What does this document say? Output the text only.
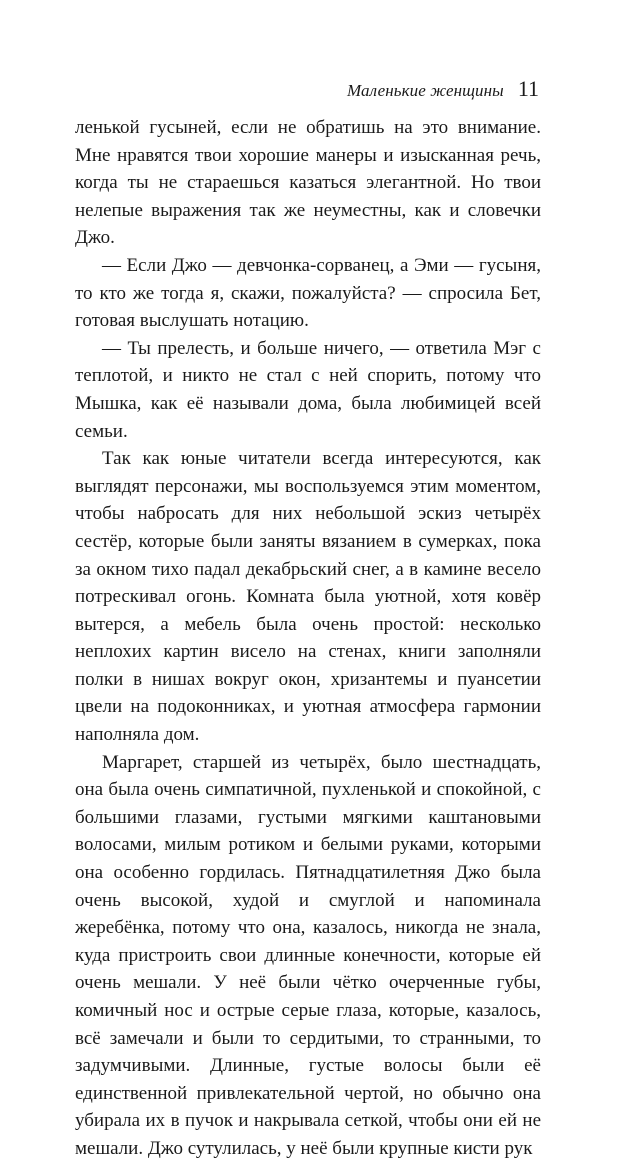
Маленькие женщины 11

ленькой гусыней, если не обратишь на это внимание. Мне нравятся твои хорошие манеры и изысканная речь, когда ты не стараешься казаться элегантной. Но твои нелепые выражения так же неуместны, как и словечки Джо.

— Если Джо — девчонка-сорванец, а Эми — гусыня, то кто же тогда я, скажи, пожалуйста? — спросила Бет, готовая выслушать нотацию.

— Ты прелесть, и больше ничего, — ответила Мэг с теплотой, и никто не стал с ней спорить, потому что Мышка, как её называли дома, была любимицей всей семьи.

Так как юные читатели всегда интересуются, как выглядят персонажи, мы воспользуемся этим моментом, чтобы набросать для них небольшой эскиз четырёх сестёр, которые были заняты вязанием в сумерках, пока за окном тихо падал декабрьский снег, а в камине весело потрескивал огонь. Комната была уютной, хотя ковёр вытерся, а мебель была очень простой: несколько неплохих картин висело на стенах, книги заполняли полки в нишах вокруг окон, хризантемы и пуансетии цвели на подоконниках, и уютная атмосфера гармонии наполняла дом.

Маргарет, старшей из четырёх, было шестнадцать, она была очень симпатичной, пухленькой и спокойной, с большими глазами, густыми мягкими каштановыми волосами, милым ротиком и белыми руками, которыми она особенно гордилась. Пятнадцатилетняя Джо была очень высокой, худой и смуглой и напоминала жеребёнка, потому что она, казалось, никогда не знала, куда пристроить свои длинные конечности, которые ей очень мешали. У неё были чётко очерченные губы, комичный нос и острые серые глаза, которые, казалось, всё замечали и были то сердитыми, то странными, то задумчивыми. Длинные, густые волосы были её единственной привлекательной чертой, но обычно она убирала их в пучок и накрывала сеткой, чтобы они ей не мешали. Джо сутулилась, у неё были крупные кисти рук
